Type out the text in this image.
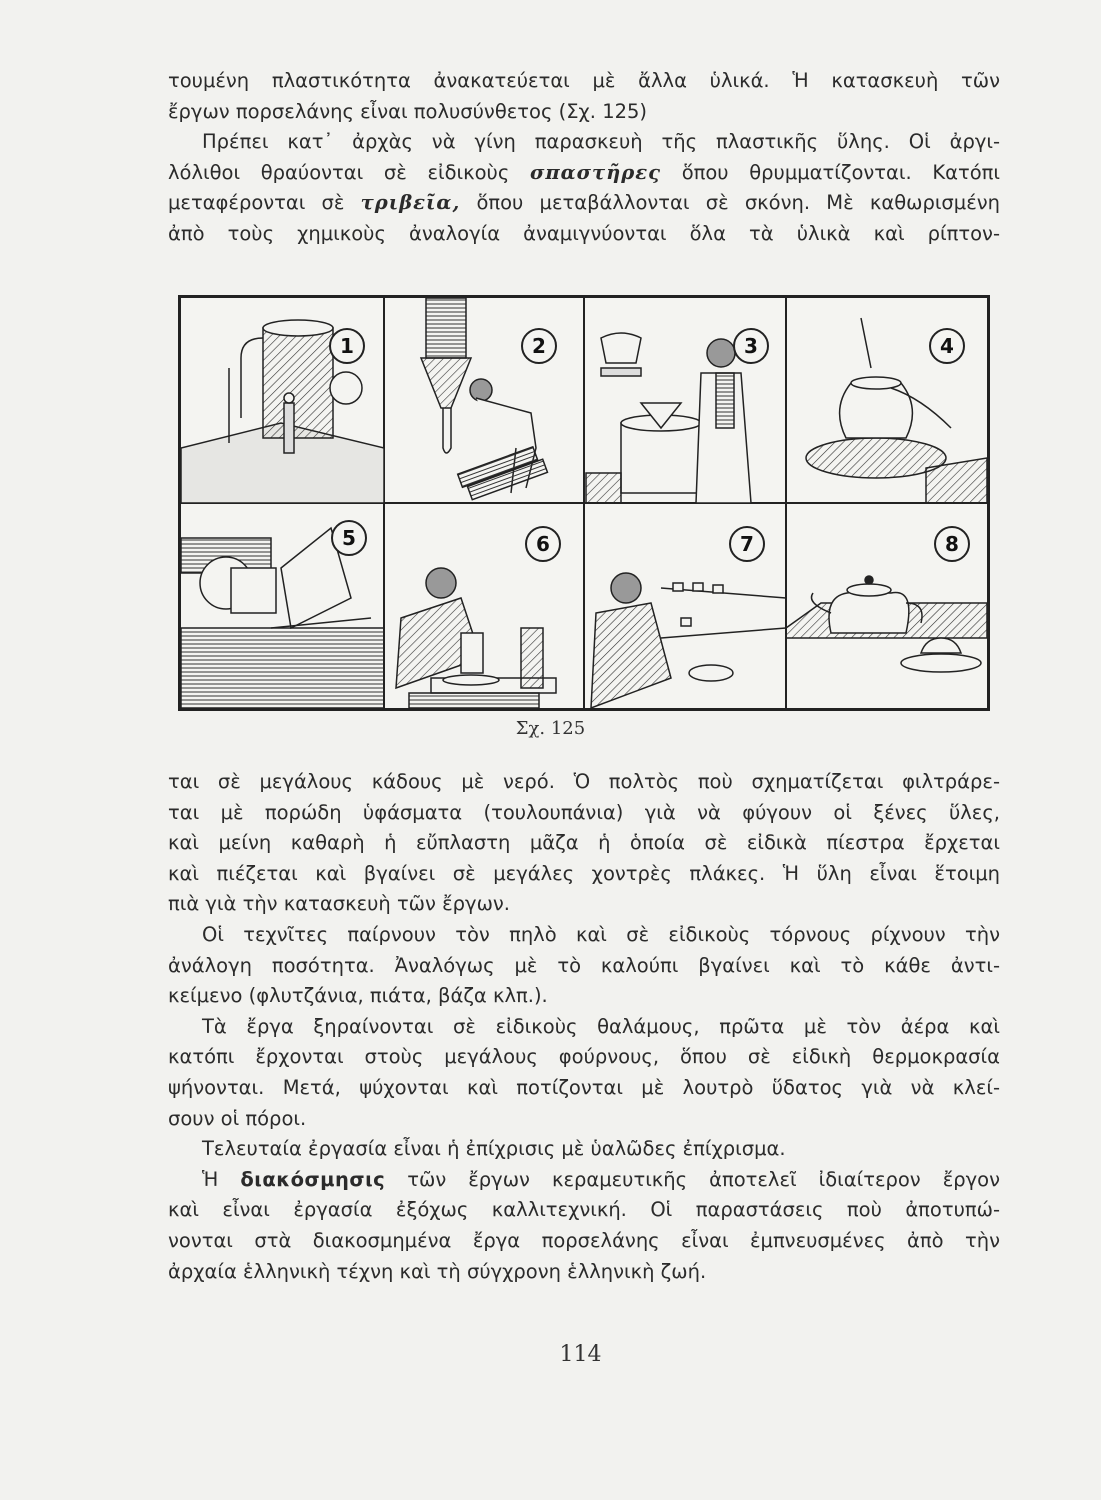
τουμένη πλαστικότητα ἀνακατεύεται μὲ ἄλλα ὑλικά. Ἡ κατασκευὴ τῶν
ἔργων πορσελάνης εἶναι πολυσύνθετος (Σχ. 125)
Πρέπει κατ᾿ ἀρχὰς νὰ γίνη παρασκευὴ τῆς πλαστικῆς ὕλης. Οἱ ἀργι-
λόλιθοι θραύονται σὲ εἰδικοὺς σπαστῆρες ὅπου θρυμματίζονται. Κατόπι
μεταφέρονται σὲ τριβεῖα, ὅπου μεταβάλλονται σὲ σκόνη. Μὲ καθωρισμένη
ἀπὸ τοὺς χημικοὺς ἀναλογία ἀναμιγνύονται ὅλα τὰ ὑλικὰ καὶ ρίπτον-
1	2	3	4
5	6	7	8
Σχ. 125
ται σὲ μεγάλους κάδους μὲ νερό. Ὁ πολτὸς ποὺ σχηματίζεται φιλτράρε-
ται μὲ πορώδη ὑφάσματα (τουλουπάνια) γιὰ νὰ φύγουν οἱ ξένες ὕλες,
καὶ μείνη καθαρὴ ἡ εὔπλαστη μᾶζα ἡ ὁποία σὲ εἰδικὰ πίεστρα ἔρχεται
καὶ πιέζεται καὶ βγαίνει σὲ μεγάλες χοντρὲς πλάκες. Ἡ ὕλη εἶναι ἕτοιμη
πιὰ γιὰ τὴν κατασκευὴ τῶν ἔργων.
Οἱ τεχνῖτες παίρνουν τὸν πηλὸ καὶ σὲ εἰδικοὺς τόρνους ρίχνουν τὴν
ἀνάλογη ποσότητα. Ἀναλόγως μὲ τὸ καλούπι βγαίνει καὶ τὸ κάθε ἀντι-
κείμενο (φλυτζάνια, πιάτα, βάζα κλπ.).
Τὰ ἔργα ξηραίνονται σὲ εἰδικοὺς θαλάμους, πρῶτα μὲ τὸν ἀέρα καὶ
κατόπι ἔρχονται στοὺς μεγάλους φούρνους, ὅπου σὲ εἰδικὴ θερμοκρασία
ψήνονται. Μετά, ψύχονται καὶ ποτίζονται μὲ λουτρὸ ὕδατος γιὰ νὰ κλεί-
σουν οἱ πόροι.
Τελευταία ἐργασία εἶναι ἡ ἐπίχρισις μὲ ὑαλῶδες ἐπίχρισμα.
Ἡ διακόσμησις τῶν ἔργων κεραμευτικῆς ἀποτελεῖ ἰδιαίτερον ἔργον
καὶ εἶναι ἐργασία ἐξόχως καλλιτεχνική. Οἱ παραστάσεις ποὺ ἀποτυπώ-
νονται στὰ διακοσμημένα ἔργα πορσελάνης εἶναι ἐμπνευσμένες ἀπὸ τὴν
ἀρχαία ἑλληνικὴ τέχνη καὶ τὴ σύγχρονη ἑλληνικὴ ζωή.
114
